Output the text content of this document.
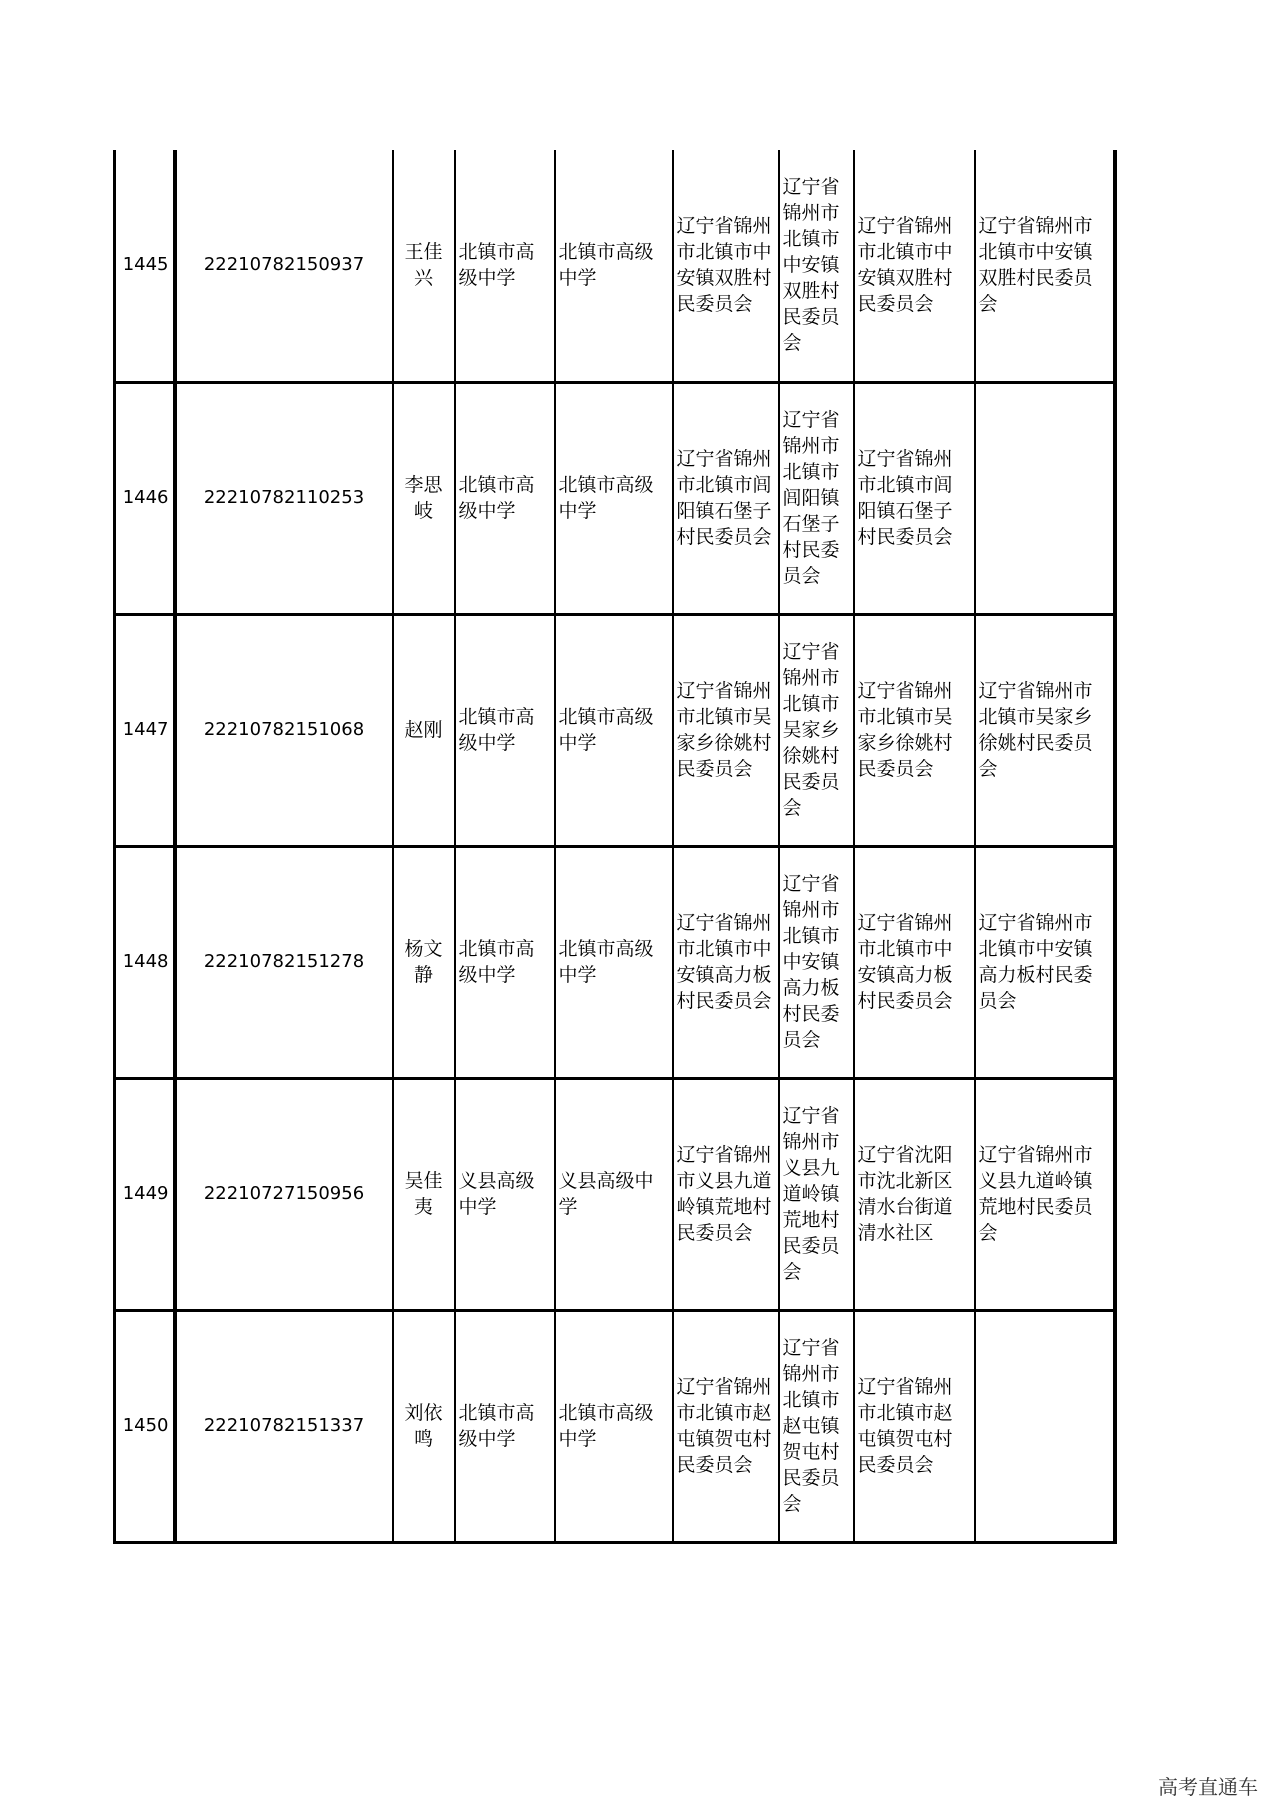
1445	22210782150937	王佳兴	北镇市高级中学	北镇市高级中学	辽宁省锦州市北镇市中安镇双胜村民委员会	辽宁省锦州市北镇市中安镇双胜村民委员会	辽宁省锦州市北镇市中安镇双胜村民委员会	辽宁省锦州市北镇市中安镇双胜村民委员会
1446	22210782110253	李思岐	北镇市高级中学	北镇市高级中学	辽宁省锦州市北镇市闾阳镇石堡子村民委员会	辽宁省锦州市北镇市闾阳镇石堡子村民委员会	辽宁省锦州市北镇市闾阳镇石堡子村民委员会	
1447	22210782151068	赵刚	北镇市高级中学	北镇市高级中学	辽宁省锦州市北镇市吴家乡徐姚村民委员会	辽宁省锦州市北镇市吴家乡徐姚村民委员会	辽宁省锦州市北镇市吴家乡徐姚村民委员会	辽宁省锦州市北镇市吴家乡徐姚村民委员会
1448	22210782151278	杨文静	北镇市高级中学	北镇市高级中学	辽宁省锦州市北镇市中安镇高力板村民委员会	辽宁省锦州市北镇市中安镇高力板村民委员会	辽宁省锦州市北镇市中安镇高力板村民委员会	辽宁省锦州市北镇市中安镇高力板村民委员会
1449	22210727150956	吴佳夷	义县高级中学	义县高级中学	辽宁省锦州市义县九道岭镇荒地村民委员会	辽宁省锦州市义县九道岭镇荒地村民委员会	辽宁省沈阳市沈北新区清水台街道清水社区	辽宁省锦州市义县九道岭镇荒地村民委员会
1450	22210782151337	刘依鸣	北镇市高级中学	北镇市高级中学	辽宁省锦州市北镇市赵屯镇贺屯村民委员会	辽宁省锦州市北镇市赵屯镇贺屯村民委员会	辽宁省锦州市北镇市赵屯镇贺屯村民委员会	
高考直通车
